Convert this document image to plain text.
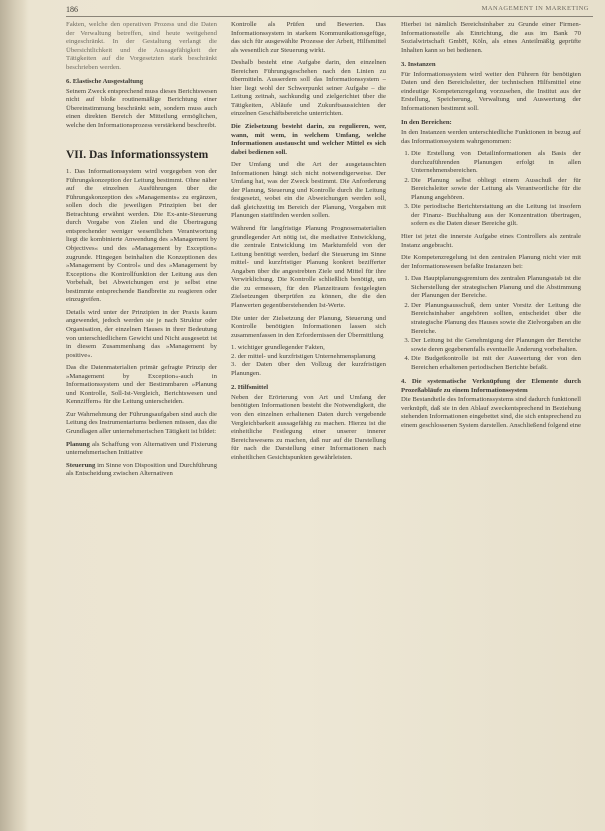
186	MANAGEMENT IN MARKETING

Fakten, welche den operativen Prozess und die Daten der Verwaltung betreffen, sind heute weitgehend eingeschränkt. In der Gestaltung verlangt die Übersichtlichkeit und die Aussagefähigkeit der Tätigkeiten auf die Vorgesetzten stark beschränkt beschrieben werden.

6. Elastische Ausgestaltung

Seinem Zweck entsprechend muss dieses Berichtswesen nicht auf bloße routinemäßige Berichtung einer Übereinstimmung beschränkt sein, sondern muss auch einen direkten Bereich der Mitteilung ermöglichen, welche den Informationsprozess verstärkend beschreibt.

VII. Das Informationssystem

1. Das Informationssystem wird vorgegeben von der Führungskonzeption der Leitung bestimmt. Ohne näher auf die einzelnen Ausführungen über die Führungskonzeption des »Managements« zu ergänzen, sollen doch die jeweiligen Prinzipien bei der Betrachtung erwähnt werden. Die Ex-ante-Steuerung durch Vorgabe von Zielen und die Übertragung entsprechender weniger wesentlichen Verantwortung liegt die kombinierte Anwendung des »Management by Objectives« und des »Management by Exception« zugrunde. Hingegen beinhalten die Konzeptionen des »Management by Control« und des »Management by Exception« die Kontrollfunktion der Leitung aus den Vorbehalt, bei Abweichungen erst je selbst eine bestimmte entsprechende Bandbreite zu reagieren oder einzugreifen.

Details wird unter der Prinzipien in der Praxis kaum angewendet, jedoch werden sie je nach Struktur oder Organisation, der einzelnen Hauses in ihrer Bedeutung von unterschiedlichem Gewicht und Nicht ausgesetzt ist in diesem Zusammenhang das »Management by positive«.

Das die Datenmaterialien primär gefragte Prinzip der »Management by Exception«-auch in Informationssystem und der Bestimmbaren »Planung und Kontrolle, Soll-Ist-Vergleich, Berichtswesen und Kennziffern« für die Leitung unterscheiden.

Zur Wahrnehmung der Führungsaufgaben sind auch die Leitung des Instrumentariums bedienen müssen, das die Grundlagen aller unternehmerischen Tätigkeit ist bildet:

Planung als Schaffung von Alternativen und Fixierung unternehmerischen Initiative

Steuerung im Sinne von Disposition und Durchführung als Entscheidung zwischen Alternativen

Kontrolle als Prüfen und Bewerten. Das Informationssystem in starkem Kommunikationsgefüge, das sich für ausgewählte Prozesse der Arbeit, Hilfsmittel als wesentlich zur Steuerung wirkt.

Deshalb besteht eine Aufgabe darin, den einzelnen Bereichen Führungsgeschehen nach den Linien zu übermitteln. Ausserdem soll das Informationssystem – hier liegt wohl der Schwerpunkt seiner Aufgabe – die Leitung zeitnah, sachkundig und zielgerichtet über die Tätigkeiten, Abläufe und Zukunftsaussichten der einzelnen Geschäftsbereiche unterrichten.

Die Zielsetzung besteht darin, zu regulieren, wer, wann, mit wem, in welchem Umfang, welche Informationen austauscht und welcher Mittel es sich dabei bedienen soll.

Der Umfang und die Art der ausgetauschten Informationen hängt sich nicht notwendigerweise. Der Umfang hat, was der Zweck bestimmt. Die Anforderung der Planung, Steuerung und Kontrolle durch die Leitung festgesetzt, wobei ein die Abweichungen werden soll, daß gleichzeitig im Bereich der Planung, Vorgaben mit Planungen stattfinden werden sollen.

Während für langfristige Planung Prognosematerialien grundlegender Art nötig ist, die mediative Entwicklung, die zentrale Entwicklung im Marktumfeld von der Leitung benötigt werden, bedarf die Steuerung im Sinne mittel- und kurzfristiger Planung konkret bezifferter Angaben über die angestrebten Ziele und Mittel für ihre Verwirklichung. Die Kontrolle schließlich benötigt, um die zu ermessen, für den Planzeitraum festgelegten Zielsetzungen überprüfen zu können, die die den Planwerten gegenüberstehenden Ist-Werte.

Die unter der Zielsetzung der Planung, Steuerung und Kontrolle benötigten Informationen lassen sich zusammenfassen in den Erfordernissen der Übermittlung

1. wichtiger grundlegender Fakten,
2. der mittel- und kurzfristigen Unternehmensplanung
3. der Daten über den Vollzug der kurzfristigen Planungen.
2. Hilfsmittel

Neben der Erörterung von Art und Umfang der benötigten Informationen besteht die Notwendigkeit, die von den einzelnen erhaltenen Daten durch vergebende Vergleichbarkeit aussagefähig zu machen. Hierzu ist die einheitliche Festlegung einer unserer innerer Bereichswesens zu machen, daß nur auf die Darstellung für nach die Darstellung einer Informationen nach einheitlichen Gesichtspunkten gewährleisten.

Hierbei ist nämlich Bereichsinhaber zu Grunde einer Firmen-Informationsstelle als Einrichtung, die aus im Bank 70 Sozialwirtschaft GmbH, Köln, als eines Anteilmäßig geprüfte Inhalten kann so bei bedienen.

3. Instanzen

Für Informationssystem wird weiter den Führern für benötigten Daten und den Bereichsleiter, der technischen Hilfsmittel eine eindeutige Kompetenzregelung vorzusehen, die Institut aus der Erstellung, Speicherung, Verwaltung und Auswertung der Informationen bestimmt soll.

In den Bereichen:

In den Instanzen werden unterschiedliche Funktionen in bezug auf das Informationssystem wahrgenommen:

1. Die Erstellung von Detailinformationen als Basis der durchzuführenden Planungen erfolgt in allen Unternehmensbereichen.
2. Die Planung selbst obliegt einem Ausschuß der für Bereichsleiter sowie der Leitung als Verantwortliche für die Planung angehören.
3. Die periodische Berichterstattung an die Leitung ist insofern der Finanz- Buchhaltung aus der Konzentration übertragen, sofern es die Daten dieser Bereiche gilt.

Hier ist jetzt die innerste Aufgabe eines Controllers als zentrale Instanz angebracht.

Die Kompetenzregelung ist den zentralen Planung nicht vier mit der Informationswesen befaßte Instanzen bei:

1. Das Hauptplanungsgremium des zentralen Planungsstab ist die Sicherstellung der strategischen Planung und die Abstimmung der Planungen der Bereiche.
2. Der Planungsausschuß, dem unter Vorsitz der Leitung die Bereichsinhaber angehören sollten, entscheidet über die strategische Planung des Hauses sowie die Zielvorgaben an die Bereiche.
3. Der Leitung ist die Genehmigung der Planungen der Bereiche sowie deren gegebenenfalls eventuelle Änderung vorbehalten.
4. Die Budgetkontrolle ist mit der Auswertung der von den Bereichen erhaltenen periodischen Berichte befaßt.
4. Die systematische Verknüpfung der Elemente durch Prozeßabläufe zu einem Informationssystem

Die Bestandteile des Informationssystems sind dadurch funktionell verknüpft, daß sie in den Ablauf zweckentsprechend in Beziehung stehenden Informationen eingebettet sind, die sich entsprechend zu einem geschlossenen System darstellen. Anschließend folgend eine
